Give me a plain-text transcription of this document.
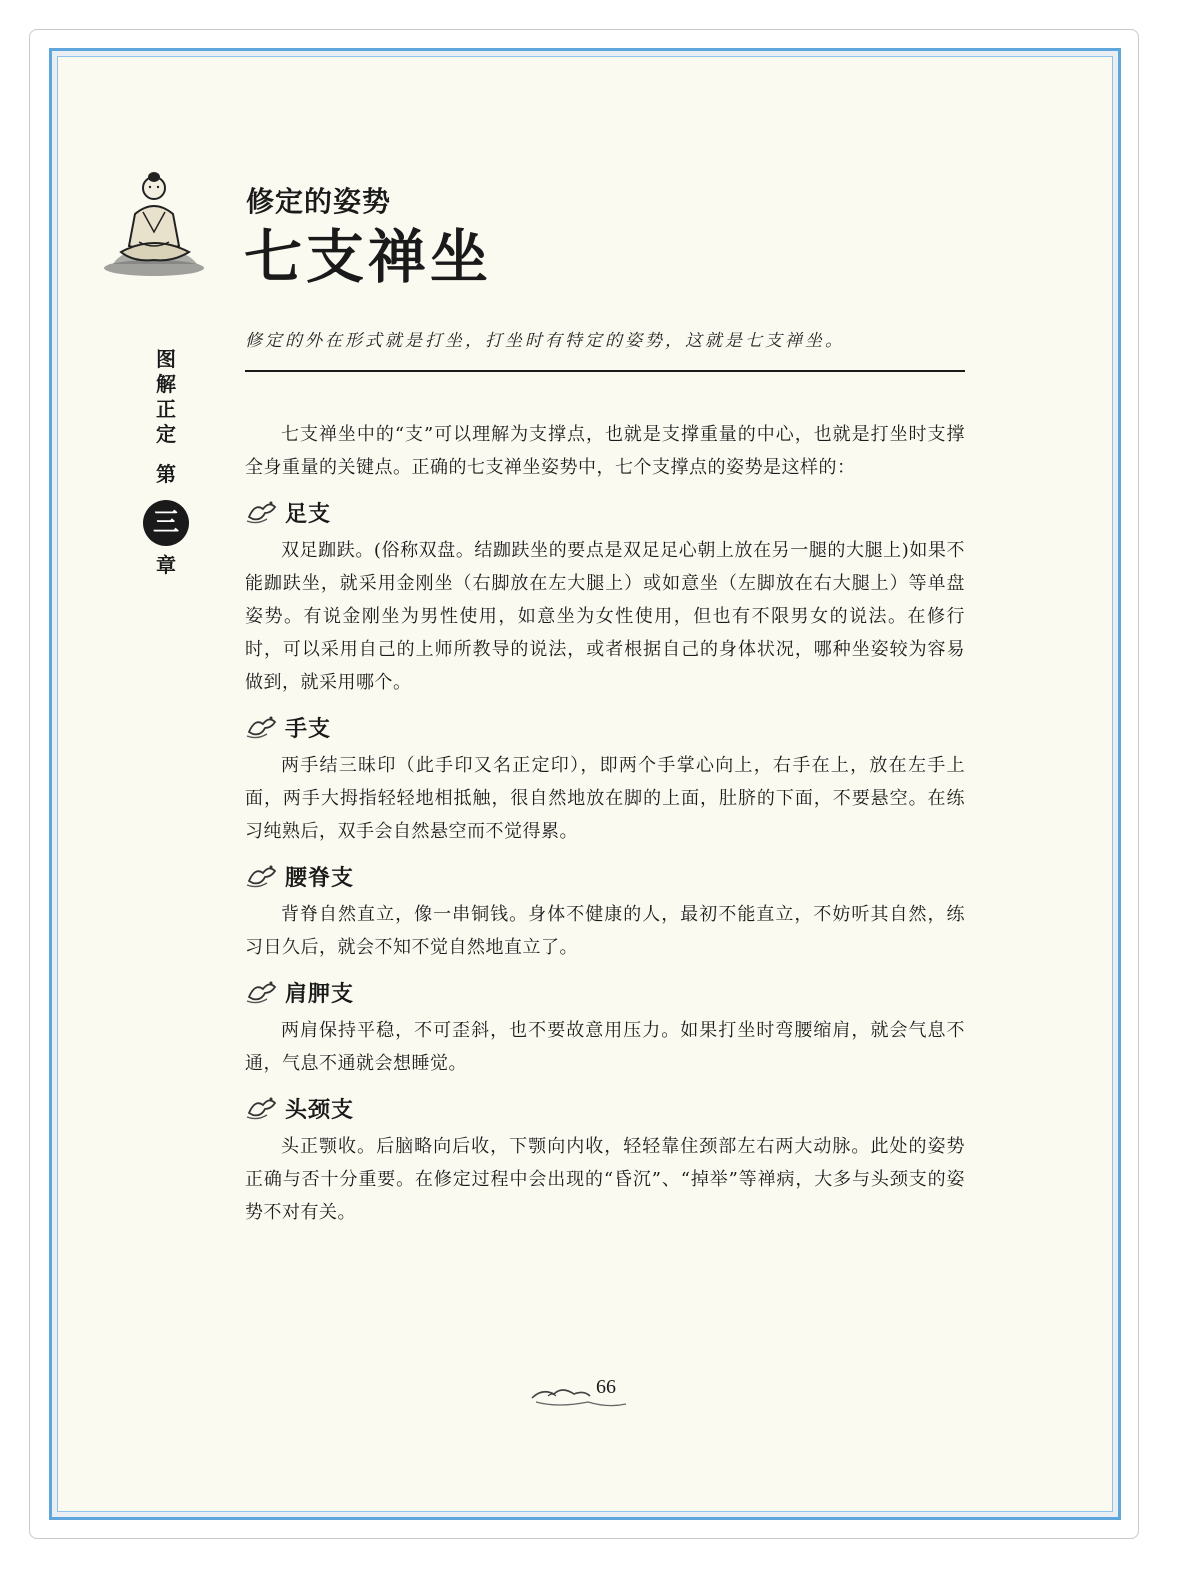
修定的姿势
七支禅坐
图
解
正
定
第
三
章
修定的外在形式就是打坐，打坐时有特定的姿势，这就是七支禅坐。

七支禅坐中的“支”可以理解为支撑点，也就是支撑重量的中心，也就是打坐时支撑全身重量的关键点。正确的七支禅坐姿势中，七个支撑点的姿势是这样的：

足支

双足跏趺。(俗称双盘。结跏趺坐的要点是双足足心朝上放在另一腿的大腿上)如果不能跏趺坐，就采用金刚坐（右脚放在左大腿上）或如意坐（左脚放在右大腿上）等单盘姿势。有说金刚坐为男性使用，如意坐为女性使用，但也有不限男女的说法。在修行时，可以采用自己的上师所教导的说法，或者根据自己的身体状况，哪种坐姿较为容易做到，就采用哪个。

手支

两手结三昧印（此手印又名正定印），即两个手掌心向上，右手在上，放在左手上面，两手大拇指轻轻地相抵触，很自然地放在脚的上面，肚脐的下面，不要悬空。在练习纯熟后，双手会自然悬空而不觉得累。

腰脊支

背脊自然直立，像一串铜钱。身体不健康的人，最初不能直立，不妨听其自然，练习日久后，就会不知不觉自然地直立了。

肩胛支

两肩保持平稳，不可歪斜，也不要故意用压力。如果打坐时弯腰缩肩，就会气息不通，气息不通就会想睡觉。

头颈支

头正颚收。后脑略向后收，下颚向内收，轻轻靠住颈部左右两大动脉。此处的姿势正确与否十分重要。在修定过程中会出现的“昏沉”、“掉举”等禅病，大多与头颈支的姿势不对有关。

66
